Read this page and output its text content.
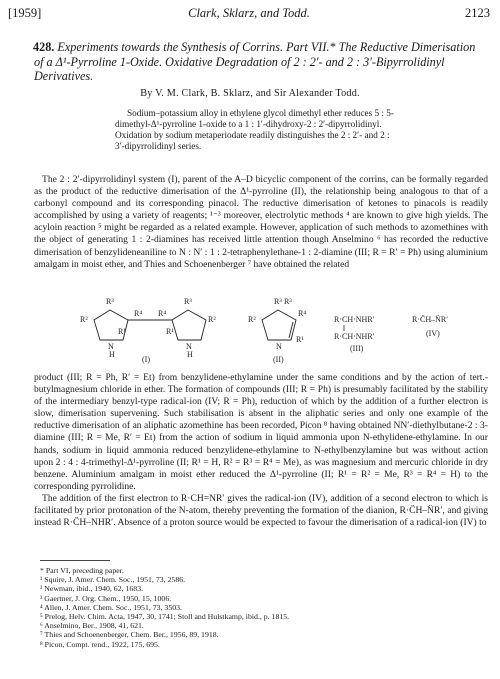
[1959]	Clark, Sklarz, and Todd.	2123
428. Experiments towards the Synthesis of Corrins. Part VII.* The Reductive Dimerisation of a Δ¹-Pyrroline 1-Oxide. Oxidative Degradation of 2 : 2′- and 2 : 3′-Bipyrrolidinyl Derivatives.
By V. M. Clark, B. Sklarz, and Sir Alexander Todd.
Sodium–potassium alloy in ethylene glycol dimethyl ether reduces 5 : 5-dimethyl-Δ¹-pyrroline 1-oxide to a 1 : 1′-dihydroxy-2 : 2′-dipyrrolidinyl. Oxidation by sodium metaperiodate readily distinguishes the 2 : 2′- and 2 : 3′-dipyrrolidinyl series.

The 2 : 2′-dipyrrolidinyl system (I), parent of the A–D bicyclic component of the corrins, can be formally regarded as the product of the reductive dimerisation of the Δ¹-pyrroline (II), the relationship being analogous to that of a carbonyl compound and its corresponding pinacol. The reductive dimerisation of ketones to pinacols is readily accomplished by using a variety of reagents; ¹⁻³ moreover, electrolytic methods ⁴ are known to give high yields. The acyloin reaction ⁵ might be regarded as a related example. However, application of such methods to azomethines with the object of generating 1 : 2-diamines has received little attention though Anselmino ⁶ has recorded the reductive dimerisation of benzylideneaniline to N : N′ : 1 : 2-tetraphenylethane-1 : 2-diamine (III; R = R′ = Ph) using aluminium amalgam in moist ether, and Thies and Schoenenberger ⁷ have obtained the related

R³	R³
R²
R⁴
R¹
R⁴
R¹
R²
N	N
H	H
(I)
R³ R³
R²
R⁴
R¹
N
(II)
R·CH·NHR′
R·CH·NHR′
(III)
R·C̈H–N̈R′
(IV)

product (III; R = Ph, R′ = Et) from benzylidene-ethylamine under the same conditions and by the action of tert.-butylmagnesium chloride in ether. The formation of compounds (III; R = Ph) is presumably facilitated by the stability of the intermediary benzyl-type radical-ion (IV; R = Ph), reduction of which by the addition of a further electron is slow, dimerisation supervening. Such stabilisation is absent in the aliphatic series and only one example of the reductive dimerisation of an aliphatic azomethine has been recorded, Picon ⁸ having obtained NN′-diethylbutane-2 : 3-diamine (III; R = Me, R′ = Et) from the action of sodium in liquid ammonia upon N-ethylidene-ethylamine. In our hands, sodium in liquid ammonia reduced benzylidene-ethylamine to N-ethylbenzylamine but was without action upon 2 : 4 : 4-trimethyl-Δ¹-pyrroline (II; R¹ = H, R² = R³ = R⁴ = Me), as was magnesium and mercuric chloride in dry benzene. Aluminium amalgam in moist ether reduced the Δ¹-pyrroline (II; R¹ = R² = Me, R³ = R⁴ = H) to the corresponding pyrrolidine.

The addition of the first electron to R·CH=NR′ gives the radical-ion (IV), addition of a second electron to which is facilitated by prior protonation of the N-atom, thereby preventing the formation of the dianion, R·C̈H–N̈R′, and giving instead R·C̈H–NHR′. Absence of a proton source would be expected to favour the dimerisation of a radical-ion (IV) to

* Part VI, preceding paper.
¹ Squire, J. Amer. Chem. Soc., 1951, 73, 2586.
² Newman, ibid., 1940, 62, 1683.
³ Gaertner, J. Org. Chem., 1950, 15, 1006.
⁴ Allen, J. Amer. Chem. Soc., 1951, 73, 3503.
⁵ Prelog, Helv. Chim. Acta, 1947, 30, 1741; Stoll and Hulstkamp, ibid., p. 1815.
⁶ Anselmino, Ber., 1908, 41, 621.
⁷ Thies and Schoenenberger, Chem. Ber., 1956, 89, 1918.
⁸ Picon, Compt. rend., 1922, 175, 695.
